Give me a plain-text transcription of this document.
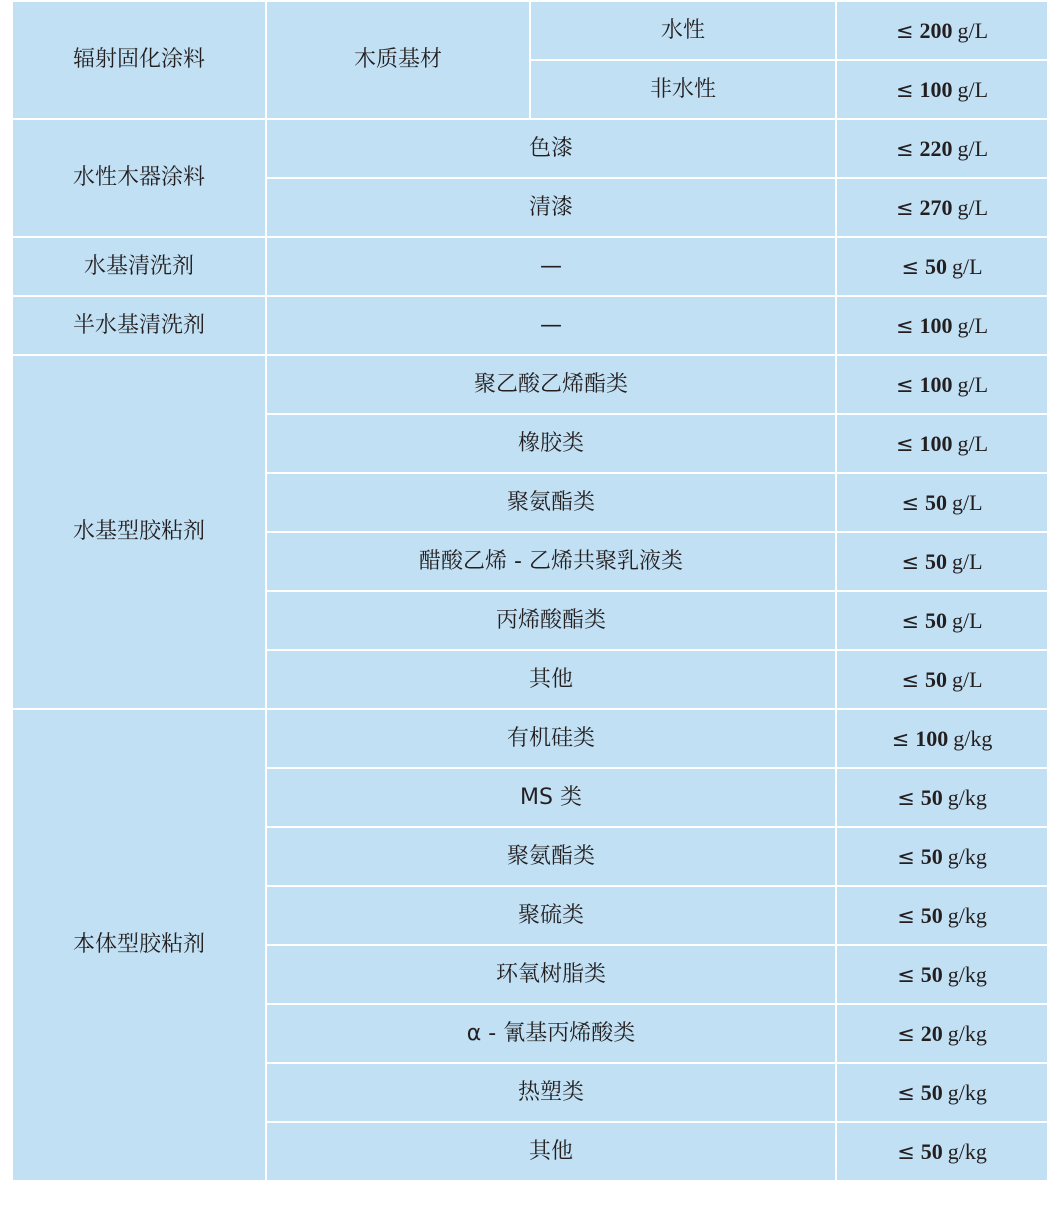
辐射固化涂料	木质基材	水性	≤ 200 g/L
		非水性	≤ 100 g/L
水性木器涂料	色漆		≤ 220 g/L
	清漆		≤ 270 g/L
水基清洗剂	—		≤ 50 g/L
半水基清洗剂	—		≤ 100 g/L
水基型胶粘剂	聚乙酸乙烯酯类		≤ 100 g/L
	橡胶类		≤ 100 g/L
	聚氨酯类		≤ 50 g/L
	醋酸乙烯 - 乙烯共聚乳液类		≤ 50 g/L
	丙烯酸酯类		≤ 50 g/L
	其他		≤ 50 g/L
本体型胶粘剂	有机硅类		≤ 100 g/kg
	MS 类		≤ 50 g/kg
	聚氨酯类		≤ 50 g/kg
	聚硫类		≤ 50 g/kg
	环氧树脂类		≤ 50 g/kg
	α - 氰基丙烯酸类		≤ 20 g/kg
	热塑类		≤ 50 g/kg
	其他		≤ 50 g/kg
